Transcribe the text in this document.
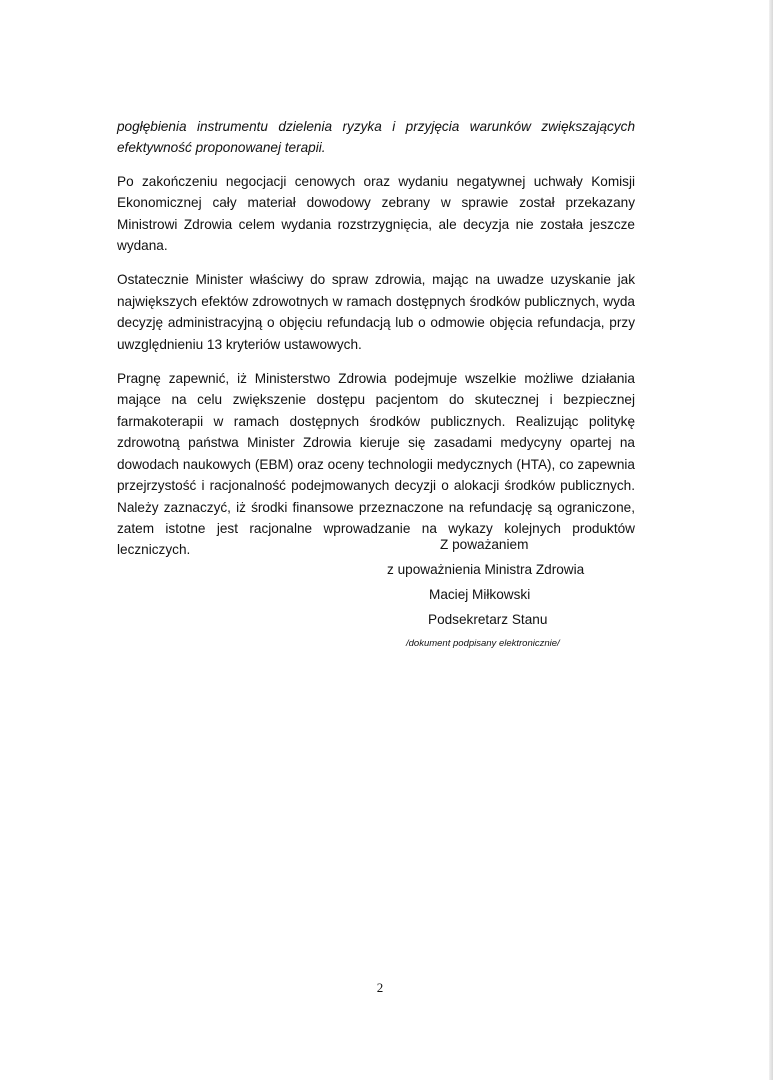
pogłębienia instrumentu dzielenia ryzyka i przyjęcia warunków zwiększających efektywność proponowanej terapii.

Po zakończeniu negocjacji cenowych oraz wydaniu negatywnej uchwały Komisji Ekonomicznej cały materiał dowodowy zebrany w sprawie został przekazany Ministrowi Zdrowia celem wydania rozstrzygnięcia, ale decyzja nie została jeszcze wydana.

Ostatecznie Minister właściwy do spraw zdrowia, mając na uwadze uzyskanie jak największych efektów zdrowotnych w ramach dostępnych środków publicznych, wyda decyzję administracyjną o objęciu refundacją lub o odmowie objęcia refundacja, przy uwzględnieniu 13 kryteriów ustawowych.

Pragnę zapewnić, iż Ministerstwo Zdrowia podejmuje wszelkie możliwe działania mające na celu zwiększenie dostępu pacjentom do skutecznej i bezpiecznej farmakoterapii w ramach dostępnych środków publicznych. Realizując politykę zdrowotną państwa Minister Zdrowia kieruje się zasadami medycyny opartej na dowodach naukowych (EBM) oraz oceny technologii medycznych (HTA), co zapewnia przejrzystość i racjonalność podejmowanych decyzji o alokacji środków publicznych. Należy zaznaczyć, iż środki finansowe przeznaczone na refundację są ograniczone, zatem istotne jest racjonalne wprowadzanie na wykazy kolejnych produktów leczniczych.	Z poważaniem
z upoważnienia Ministra Zdrowia
Maciej Miłkowski
Podsekretarz Stanu
/dokument podpisany elektronicznie/
2
